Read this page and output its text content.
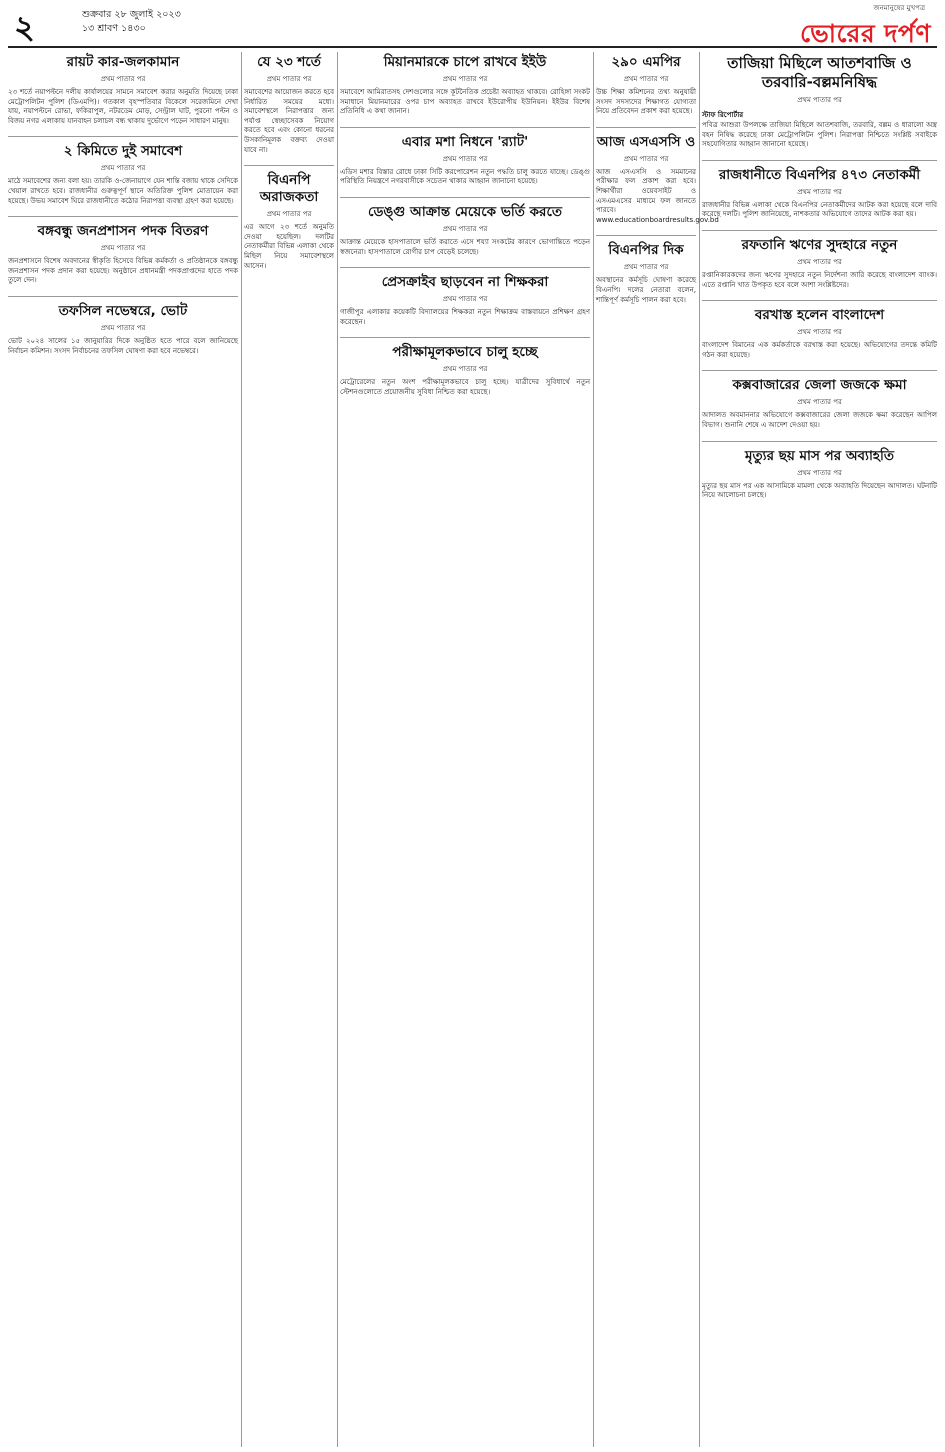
২	শুক্রবার ২৮ জুলাই ২০২৩
১৩ শ্রাবণ ১৪৩০
জনমানুষের মুখপত্র
ভোরের দর্পণ
রায়ট কার-জলকামান
প্রথম পাতার পর
২৩ শর্তে নয়াপল্টনে দলীয় কার্যালয়ের সামনে সমাবেশ করার অনুমতি দিয়েছে ঢাকা মেট্রোপলিটন পুলিশ (ডিএমপি)। গতকাল বৃহস্পতিবার বিকেলে সরেজমিনে দেখা যায়, নয়াপল্টনে রোভা, ফকিরাপুল, নটরডেম মোড়, সেন্ট্রাল ঘাট, পুরনো পল্টন ও বিজয় নগর এলাকায় যানবাহন চলাচল বন্ধ থাকায় দুর্ভোগে পড়েন সাধারণ মানুষ।
২ কিমিতে দুই সমাবেশ
প্রথম পাতার পর
মাঠে সমাবেশের জন্য বলা হয়। তারকি ও-জেনায়াগে যেন শান্তি বজায় থাকে সেদিকে খেয়াল রাখতে হবে। রাজধানীর গুরুত্বপূর্ণ স্থানে অতিরিক্ত পুলিশ মোতায়েন করা হয়েছে। উভয় সমাবেশ ঘিরে রাজধানীতে কঠোর নিরাপত্তা ব্যবস্থা গ্রহণ করা হয়েছে।
বঙ্গবন্ধু জনপ্রশাসন পদক বিতরণ
প্রথম পাতার পর
জনপ্রশাসনে বিশেষ অবদানের স্বীকৃতি হিসেবে বিভিন্ন কর্মকর্তা ও প্রতিষ্ঠানকে বঙ্গবন্ধু জনপ্রশাসন পদক প্রদান করা হয়েছে। অনুষ্ঠানে প্রধানমন্ত্রী পদকপ্রাপ্তদের হাতে পদক তুলে দেন।
তফসিল নভেম্বরে, ভোট
প্রথম পাতার পর
ভোট ২০২৪ সালের ১৫ জানুয়ারির দিকে অনুষ্ঠিত হতে পারে বলে জানিয়েছে নির্বাচন কমিশন। সংসদ নির্বাচনের তফসিল ঘোষণা করা হবে নভেম্বরে।
যে ২৩ শর্তে
প্রথম পাতার পর
সমাবেশের আয়োজন করতে হবে নির্ধারিত সময়ের মধ্যে। সমাবেশস্থলে নিরাপত্তার জন্য পর্যাপ্ত স্বেচ্ছাসেবক নিয়োগ করতে হবে এবং কোনো ধরনের উসকানিমূলক বক্তব্য দেওয়া যাবে না।
বিএনপি অরাজকতা
প্রথম পাতার পর
এর আগে ২৩ শর্তে অনুমতি দেওয়া হয়েছিল। দলটির নেতাকর্মীরা বিভিন্ন এলাকা থেকে মিছিল নিয়ে সমাবেশস্থলে আসেন।
মিয়ানমারকে চাপে রাখবে ইইউ
প্রথম পাতার পর
সমাবেশে আমিরাতসহ দেশগুলোর সঙ্গে কূটনৈতিক প্রচেষ্টা অব্যাহত থাকবে। রোহিঙ্গা সংকট সমাধানে মিয়ানমারের ওপর চাপ অব্যাহত রাখবে ইউরোপীয় ইউনিয়ন। ইইউর বিশেষ প্রতিনিধি এ কথা জানান।
এবার মশা নিধনে 'র‍্যাট'
প্রথম পাতার পর
এডিস মশার বিস্তার রোধে ঢাকা সিটি করপোরেশন নতুন পদ্ধতি চালু করতে যাচ্ছে। ডেঙ্গু পরিস্থিতি নিয়ন্ত্রণে নগরবাসীকে সচেতন থাকার আহ্বান জানানো হয়েছে।
ডেঙ্গু আক্রান্ত মেয়েকে ভর্তি করতে
প্রথম পাতার পর
আক্রান্ত মেয়েকে হাসপাতালে ভর্তি করাতে এসে শয্যা সংকটের কারণে ভোগান্তিতে পড়েন স্বজনেরা। হাসপাতালে রোগীর চাপ বেড়েই চলেছে।
প্রেসক্রাইব ছাড়বেন না শিক্ষকরা
প্রথম পাতার পর
গাজীপুর এলাকার কয়েকটি বিদ্যালয়ের শিক্ষকরা নতুন শিক্ষাক্রম বাস্তবায়নে প্রশিক্ষণ গ্রহণ করেছেন।
পরীক্ষামূলকভাবে চালু হচ্ছে
প্রথম পাতার পর
মেট্রোরেলের নতুন অংশ পরীক্ষামূলকভাবে চালু হচ্ছে। যাত্রীদের সুবিধার্থে নতুন স্টেশনগুলোতে প্রয়োজনীয় সুবিধা নিশ্চিত করা হয়েছে।
২৯০ এমপির
প্রথম পাতার পর
উচ্চ শিক্ষা কমিশনের তথ্য অনুযায়ী সংসদ সদস্যদের শিক্ষাগত যোগ্যতা নিয়ে প্রতিবেদন প্রকাশ করা হয়েছে।
আজ এসএসসি ও
প্রথম পাতার পর
আজ এসএসসি ও সমমানের পরীক্ষার ফল প্রকাশ করা হবে। শিক্ষার্থীরা ওয়েবসাইট ও এসএমএসের মাধ্যমে ফল জানতে পারবে। www.educationboardresults.gov.bd
বিএনপির দিক
প্রথম পাতার পর
অবস্থানের কর্মসূচি ঘোষণা করেছে বিএনপি। দলের নেতারা বলেন, শান্তিপূর্ণ কর্মসূচি পালন করা হবে।
তাজিয়া মিছিলে আতশবাজি ও তরবারি-বল্লমনিষিদ্ধ
প্রথম পাতার পর
স্টাফ রিপোর্টার
পবিত্র আশুরা উপলক্ষে তাজিয়া মিছিলে আতশবাজি, তরবারি, বল্লম ও ধারালো অস্ত্র বহন নিষিদ্ধ করেছে ঢাকা মেট্রোপলিটন পুলিশ। নিরাপত্তা নিশ্চিতে সংশ্লিষ্ট সবাইকে সহযোগিতার আহ্বান জানানো হয়েছে।
রাজধানীতে বিএনপির ৪৭৩ নেতাকর্মী
প্রথম পাতার পর
রাজধানীর বিভিন্ন এলাকা থেকে বিএনপির নেতাকর্মীদের আটক করা হয়েছে বলে দাবি করেছে দলটি। পুলিশ জানিয়েছে, নাশকতার অভিযোগে তাদের আটক করা হয়।
রফতানি ঋণের সুদহারে নতুন
প্রথম পাতার পর
রপ্তানিকারকদের জন্য ঋণের সুদহারে নতুন নির্দেশনা জারি করেছে বাংলাদেশ ব্যাংক। এতে রপ্তানি খাত উপকৃত হবে বলে আশা সংশ্লিষ্টদের।
বরখাস্ত হলেন বাংলাদেশ
প্রথম পাতার পর
বাংলাদেশ বিমানের এক কর্মকর্তাকে বরখাস্ত করা হয়েছে। অভিযোগের তদন্তে কমিটি গঠন করা হয়েছে।
কক্সবাজারের জেলা জজকে ক্ষমা
প্রথম পাতার পর
আদালত অবমাননার অভিযোগে কক্সবাজারের জেলা জজকে ক্ষমা করেছেন আপিল বিভাগ। শুনানি শেষে এ আদেশ দেওয়া হয়।
মৃত্যুর ছয় মাস পর অব্যাহতি
প্রথম পাতার পর
মৃত্যুর ছয় মাস পর এক আসামিকে মামলা থেকে অব্যাহতি দিয়েছেন আদালত। ঘটনাটি নিয়ে আলোচনা চলছে।
